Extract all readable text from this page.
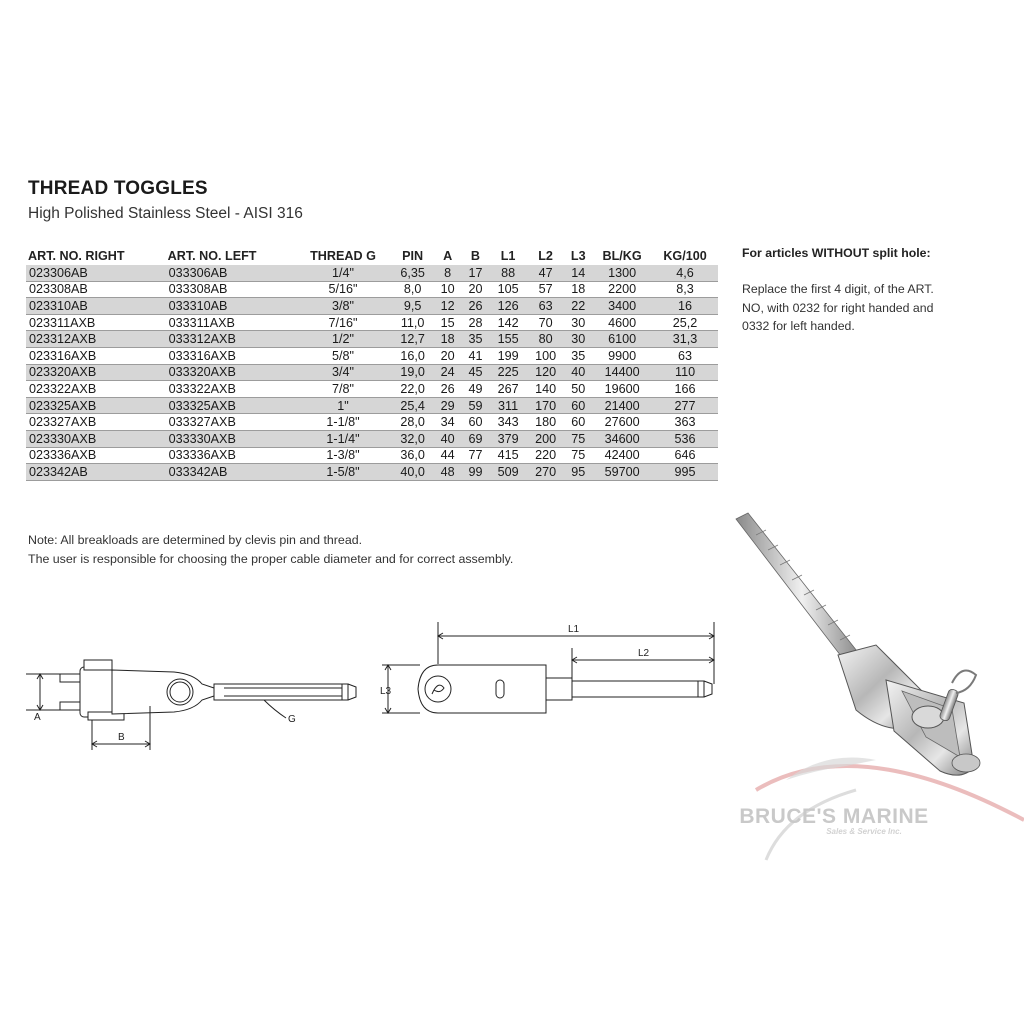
THREAD TOGGLES
High Polished Stainless Steel - AISI 316
ART. NO. RIGHT	ART. NO. LEFT	THREAD G	PIN	A	B	L1	L2	L3	BL/KG	KG/100
023306AB	033306AB	1/4"	6,35	8	17	88	47	14	1300	4,6
023308AB	033308AB	5/16"	8,0	10	20	105	57	18	2200	8,3
023310AB	033310AB	3/8"	9,5	12	26	126	63	22	3400	16
023311AXB	033311AXB	7/16"	11,0	15	28	142	70	30	4600	25,2
023312AXB	033312AXB	1/2"	12,7	18	35	155	80	30	6100	31,3
023316AXB	033316AXB	5/8"	16,0	20	41	199	100	35	9900	63
023320AXB	033320AXB	3/4"	19,0	24	45	225	120	40	14400	110
023322AXB	033322AXB	7/8"	22,0	26	49	267	140	50	19600	166
023325AXB	033325AXB	1"	25,4	29	59	311	170	60	21400	277
023327AXB	033327AXB	1-1/8"	28,0	34	60	343	180	60	27600	363
023330AXB	033330AXB	1-1/4"	32,0	40	69	379	200	75	34600	536
023336AXB	033336AXB	1-3/8"	36,0	44	77	415	220	75	42400	646
023342AB	033342AB	1-5/8"	40,0	48	99	509	270	95	59700	995
For articles WITHOUT split hole:
Replace the first 4 digit, of the ART.
NO, with 0232 for right handed and
0332 for left handed.

Note: All breakloads are determined by clevis pin and thread.

The user is responsible for choosing the proper cable diameter and for correct assembly.

A
B
G
L1
L2
L3
BRUCE'S MARINE
Sales & Service Inc.
